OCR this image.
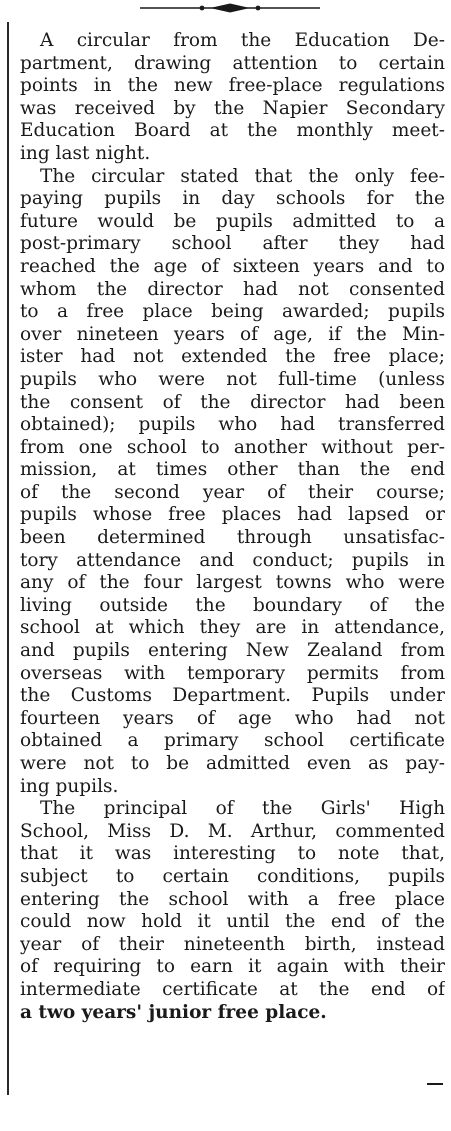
A circular from the Education De-
partment, drawing attention to certain
points in the new free-place regulations
was received by the Napier Secondary
Education Board at the monthly meet-
ing last night.
The circular stated that the only fee-
paying pupils in day schools for the
future would be pupils admitted to a
post-primary school after they had
reached the age of sixteen years and to
whom the director had not consented
to a free place being awarded; pupils
over nineteen years of age, if the Min-
ister had not extended the free place;
pupils who were not full-time (unless
the consent of the director had been
obtained); pupils who had transferred
from one school to another without per-
mission, at times other than the end
of the second year of their course;
pupils whose free places had lapsed or
been determined through unsatisfac-
tory attendance and conduct; pupils in
any of the four largest towns who were
living outside the boundary of the
school at which they are in attendance,
and pupils entering New Zealand from
overseas with temporary permits from
the Customs Department. Pupils under
fourteen years of age who had not
obtained a primary school certificate
were not to be admitted even as pay-
ing pupils.
The principal of the Girls' High
School, Miss D. M. Arthur, commented
that it was interesting to note that,
subject to certain conditions, pupils
entering the school with a free place
could now hold it until the end of the
year of their nineteenth birth, instead
of requiring to earn it again with their
intermediate certificate at the end of
a two years' junior free place.
